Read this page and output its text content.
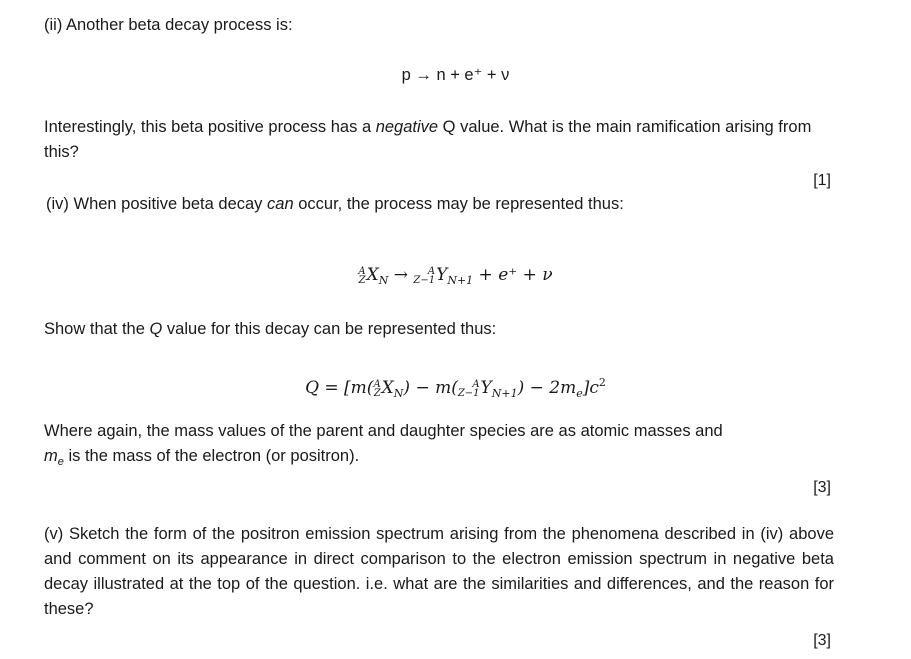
(ii) Another beta decay process is:
p → n + e⁺ + ν
Interestingly, this beta positive process has a negative Q value. What is the main ramification arising from this?
[1]
(iv) When positive beta decay can occur, the process may be represented thus:
A
Z $X_N$ →	A
Z−1 $Y_{N+1} + e^+ + \nu$
Show that the Q value for this decay can be represented thus:
Q = [m( A
Z $X_N) - m$(	A
Z−1 $Y_{N+1}) - 2m_e]c^2$
Where again, the mass values of the parent and daughter species are as atomic masses and
$m_e$ is the mass of the electron (or positron).
[3]
(v) Sketch the form of the positron emission spectrum arising from the phenomena described in (iv) above and comment on its appearance in direct comparison to the electron emission spectrum in negative beta decay illustrated at the top of the question. i.e. what are the similarities and differences, and the reason for these?
[3]
